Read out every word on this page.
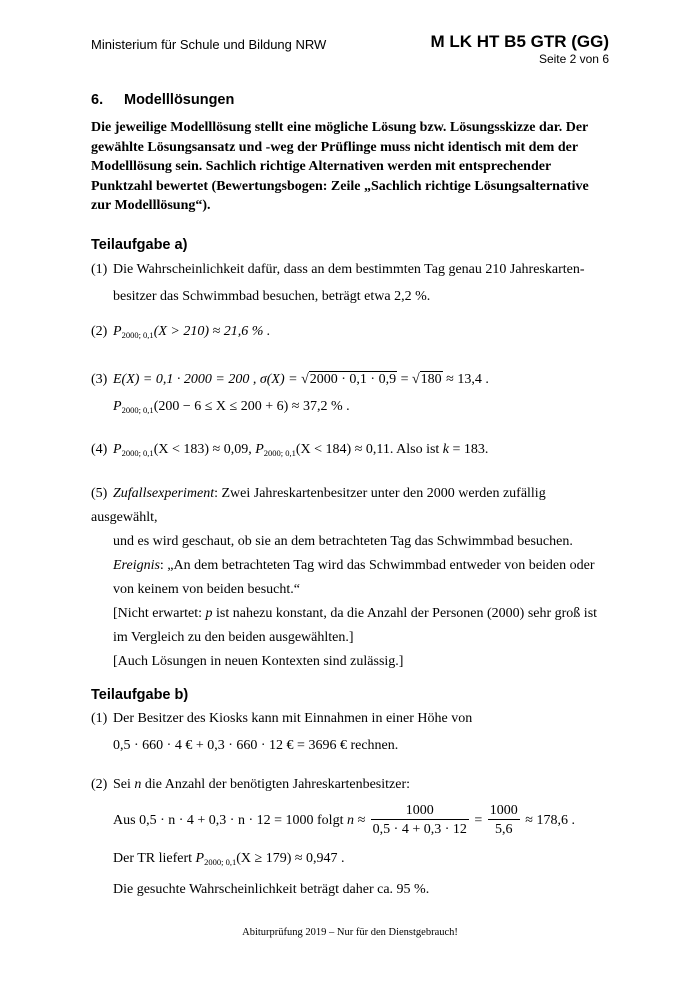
Ministerium für Schule und Bildung NRW	M LK HT B5 GTR (GG)
Seite 2 von 6
6. Modelllösungen
Die jeweilige Modelllösung stellt eine mögliche Lösung bzw. Lösungsskizze dar. Der gewählte Lösungsansatz und -weg der Prüflinge muss nicht identisch mit dem der Modelllösung sein. Sachlich richtige Alternativen werden mit entsprechender Punktzahl bewertet (Bewertungsbogen: Zeile „Sachlich richtige Lösungsalternative zur Modelllösung“).
Teilaufgabe a)
(1) Die Wahrscheinlichkeit dafür, dass an dem bestimmten Tag genau 210 Jahreskarten-
besitzer das Schwimmbad besuchen, beträgt etwa 2,2 %.
(2) $P_{2000; 0,1}(X > 210) \approx 21,6$ % .
(3) E(X) = 0,1 · 2000 = 200 , σ(X) = √2000 · 0,1 · 0,9 = √180 ≈ 13,4 .
$P_{2000; 0,1}(200 - 6 \le X \le 200 + 6) \approx 37,2$ % .
(4) $P_{2000; 0,1}(X < 183) \approx 0,09$, $P_{2000; 0,1}(X < 184) \approx 0,11$. Also ist k = 183.
(5) Zufallsexperiment: Zwei Jahreskartenbesitzer unter den 2000 werden zufällig ausgewählt,
und es wird geschaut, ob sie an dem betrachteten Tag das Schwimmbad besuchen.
Ereignis: „An dem betrachteten Tag wird das Schwimmbad entweder von beiden oder
von keinem von beiden besucht.“
[Nicht erwartet: p ist nahezu konstant, da die Anzahl der Personen (2000) sehr groß ist
im Vergleich zu den beiden ausgewählten.]
[Auch Lösungen in neuen Kontexten sind zulässig.]
Teilaufgabe b)
(1) Der Besitzer des Kiosks kann mit Einnahmen in einer Höhe von
0,5 · 660 · 4 € + 0,3 · 660 · 12 € = 3696 € rechnen.
(2) Sei n die Anzahl der benötigten Jahreskartenbesitzer:
Aus 0,5 · n · 4 + 0,3 · n · 12 = 1000 folgt $n \approx \frac{1000}{0,5 \cdot 4 + 0,3 \cdot 12} = \frac{1000}{5,6} \approx 178,6$ .
Der TR liefert $P_{2000; 0,1}(X \ge 179) \approx 0,947$ .
Die gesuchte Wahrscheinlichkeit beträgt daher ca. 95 %.
Abiturprüfung 2019 – Nur für den Dienstgebrauch!
